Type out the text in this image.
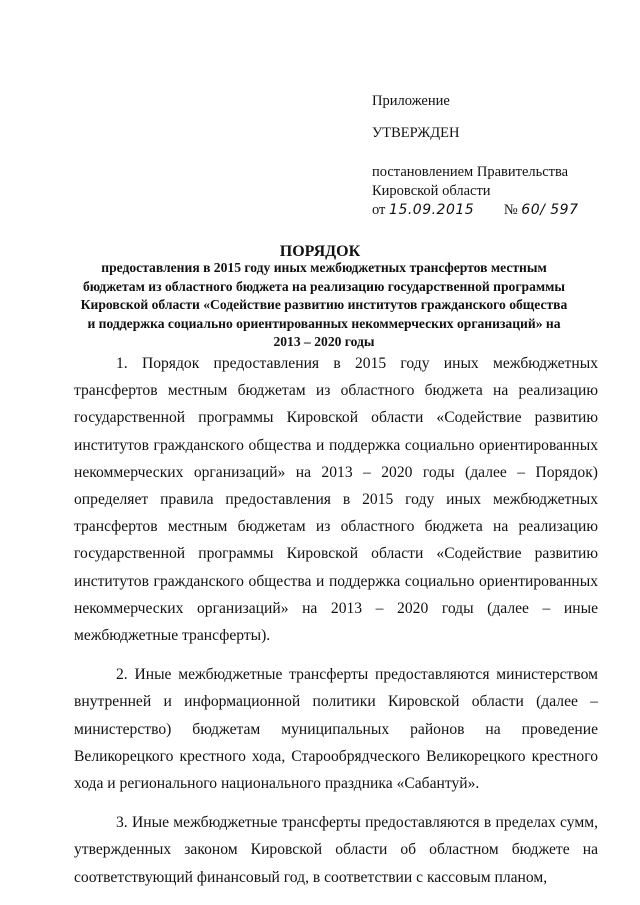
Приложение
УТВЕРЖДЕН
постановлением Правительства
Кировской области
от 15.09.2015 № 60/ 597
ПОРЯДОК
предоставления в 2015 году иных межбюджетных трансфертов местным бюджетам из областного бюджета на реализацию государственной программы Кировской области «Содействие развитию институтов гражданского общества и поддержка социально ориентированных некоммерческих организаций» на 2013 – 2020 годы

1. Порядок предоставления в 2015 году иных межбюджетных трансфертов местным бюджетам из областного бюджета на реализацию государственной программы Кировской области «Содействие развитию институтов гражданского общества и поддержка социально ориентированных некоммерческих организаций» на 2013 – 2020 годы (далее – Порядок) определяет правила предоставления в 2015 году иных межбюджетных трансфертов местным бюджетам из областного бюджета на реализацию государственной программы Кировской области «Содействие развитию институтов гражданского общества и поддержка социально ориентированных некоммерческих организаций» на 2013 – 2020 годы (далее – иные межбюджетные трансферты).

2. Иные межбюджетные трансферты предоставляются министерством внутренней и информационной политики Кировской области (далее – министерство) бюджетам муниципальных районов на проведение Великорецкого крестного хода, Старообрядческого Великорецкого крестного хода и регионального национального праздника «Сабантуй».

3. Иные межбюджетные трансферты предоставляются в пределах сумм, утвержденных законом Кировской области об областном бюджете на соответствующий финансовый год, в соответствии с кассовым планом,
